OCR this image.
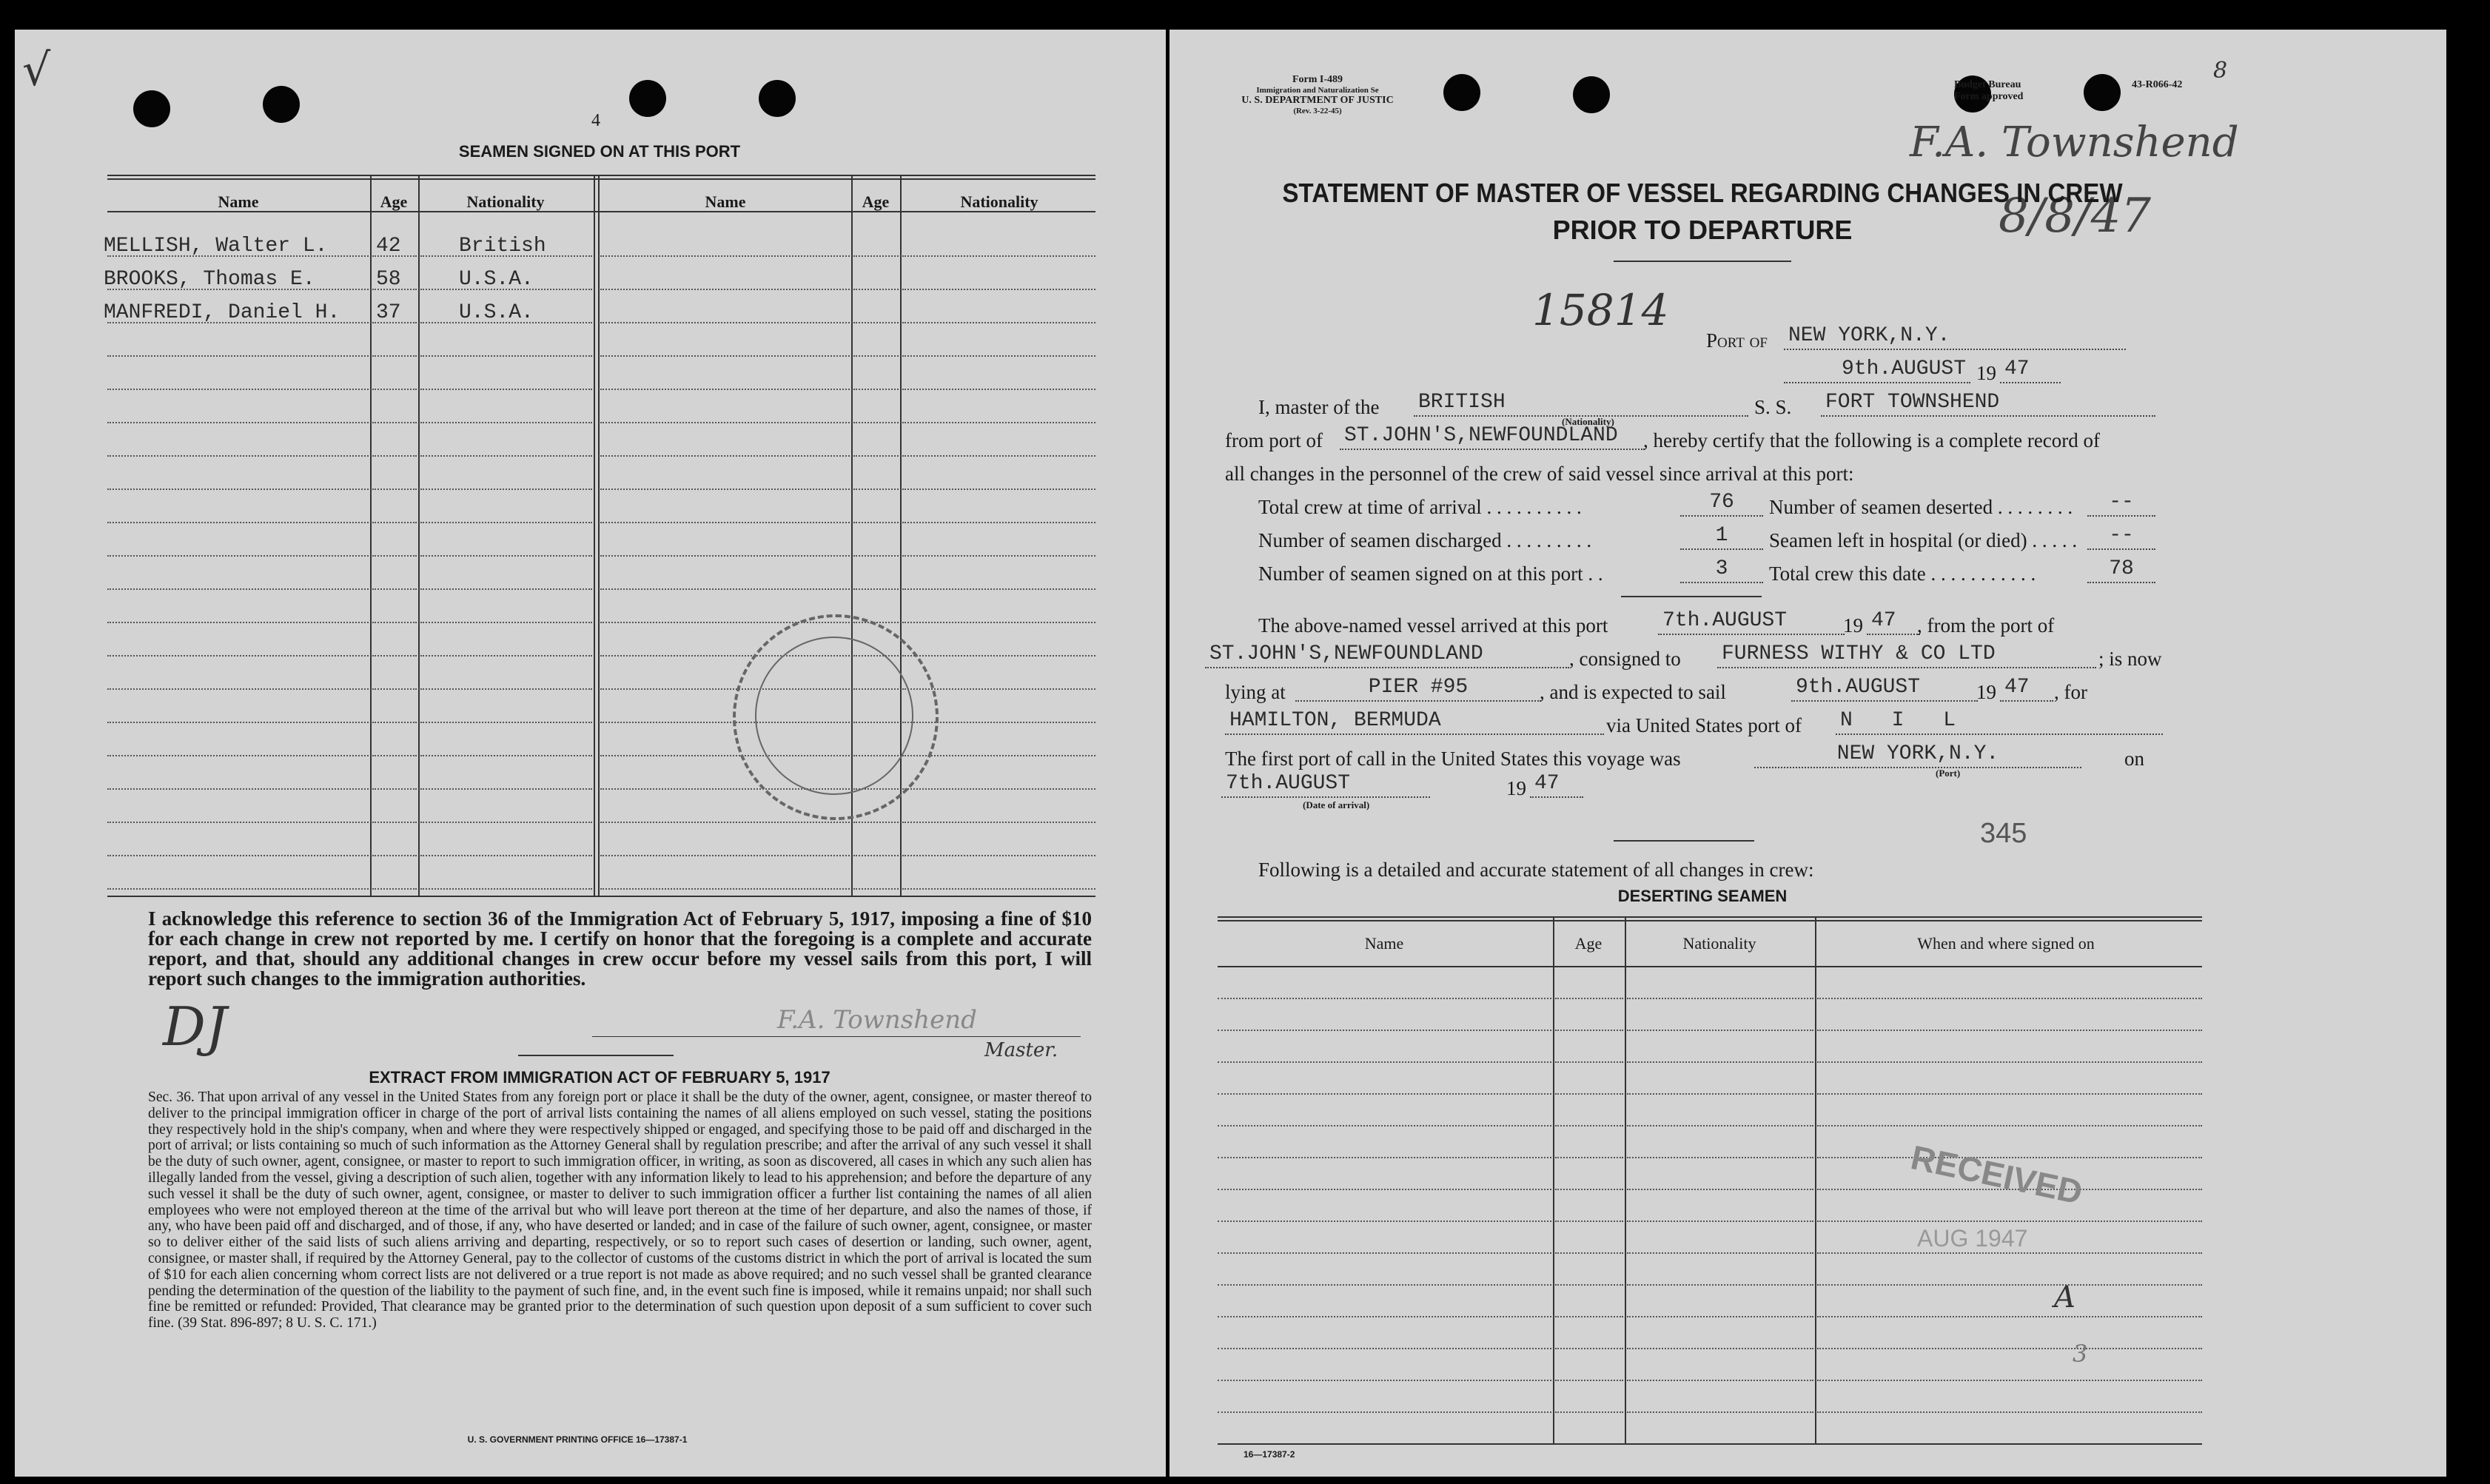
√
4
SEAMEN SIGNED ON AT THIS PORT
Name	Age	Nationality	Name	Age	Nationality
MELLISH, Walter L. 42	British
BROOKS, Thomas E.	58	U.S.A.
MANFREDI, Daniel H. 37	U.S.A.
I acknowledge this reference to section 36 of the Immigration Act of February 5, 1917, imposing a fine of $10 for each change in crew not reported by me. I certify on honor that the foregoing is a complete and accurate report, and that, should any additional changes in crew occur before my vessel sails from this port, I will report such changes to the immigration authorities.
DJ	F.A. Townshend
Master.
EXTRACT FROM IMMIGRATION ACT OF FEBRUARY 5, 1917
Sec. 36. That upon arrival of any vessel in the United States from any foreign port or place it shall be the duty of the owner, agent, consignee, or master thereof to deliver to the principal immigration officer in charge of the port of arrival lists containing the names of all aliens employed on such vessel, stating the positions they respectively hold in the ship's company, when and where they were respectively shipped or engaged, and specifying those to be paid off and discharged in the port of arrival; or lists containing so much of such information as the Attorney General shall by regulation prescribe; and after the arrival of any such vessel it shall be the duty of such owner, agent, consignee, or master to report to such immigration officer, in writing, as soon as discovered, all cases in which any such alien has illegally landed from the vessel, giving a description of such alien, together with any information likely to lead to his apprehension; and before the departure of any such vessel it shall be the duty of such owner, agent, consignee, or master to deliver to such immigration officer a further list containing the names of all alien employees who were not employed thereon at the time of the arrival but who will leave port thereon at the time of her departure, and also the names of those, if any, who have been paid off and discharged, and of those, if any, who have deserted or landed; and in case of the failure of such owner, agent, consignee, or master so to deliver either of the said lists of such aliens arriving and departing, respectively, or so to report such cases of desertion or landing, such owner, agent, consignee, or master shall, if required by the Attorney General, pay to the collector of customs of the customs district in which the port of arrival is located the sum of $10 for each alien concerning whom correct lists are not delivered or a true report is not made as above required; and no such vessel shall be granted clearance pending the determination of the question of the liability to the payment of such fine, and, in the event such fine is imposed, while it remains unpaid; nor shall such fine be remitted or refunded: Provided, That clearance may be granted prior to the determination of such question upon deposit of a sum sufficient to cover such fine. (39 Stat. 896-897; 8 U. S. C. 171.)
U. S. GOVERNMENT PRINTING OFFICE 16—17387-1
Form I-489
Immigration and Naturalization Se
U. S. DEPARTMENT OF JUSTIC
(Rev. 3-22-45)
Budget Bureau	43-R066-42
Form approved
8
F.A. Townshend
8/8/47
STATEMENT OF MASTER OF VESSEL REGARDING CHANGES IN CREW
PRIOR TO DEPARTURE
15814
Port of NEW YORK,N.Y.
9th.AUGUST 19 47
I, master of the BRITISH
(Nationality)
S. S. FORT TOWNSHEND
from port of ST.JOHN'S,NEWFOUNDLAND	, hereby certify that the following is a complete record of
all changes in the personnel of the crew of said vessel since arrival at this port:
Total crew at time of arrival . . . . . . . . . .	76	Number of seamen deserted . . . . . . . .	--
Number of seamen discharged . . . . . . . . .	1	Seamen left in hospital (or died) . . . . .	--
Number of seamen signed on at this port . .	3	Total crew this date . . . . . . . . . . .	78
The above-named vessel arrived at this port	7th.AUGUST	19 47	, from the port of
ST.JOHN'S,NEWFOUNDLAND	, consigned to FURNESS WITHY & CO LTD	; is now
lying at	PIER #95	, and is expected to sail	9th.AUGUST	19 47	, for
HAMILTON, BERMUDA	via United States port of N I L
The first port of call in the United States this voyage was	NEW YORK,N.Y.
(Port)
on
7th.AUGUST
(Date of arrival)
19 47
345
Following is a detailed and accurate statement of all changes in crew:
DESERTING SEAMEN
Name	Age	Nationality	When and where signed on
RECEIVED
AUG 1947
A
3
16—17387-2
